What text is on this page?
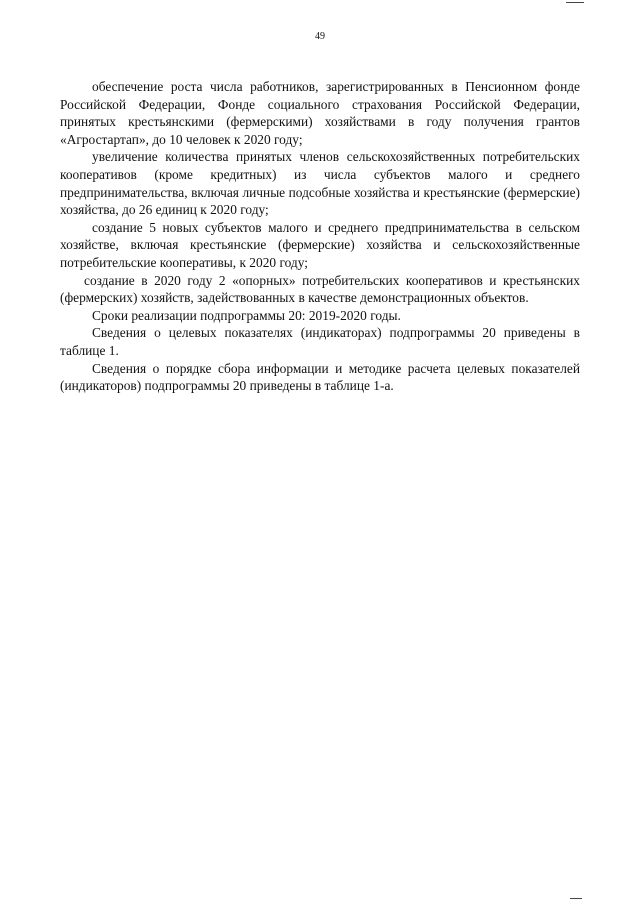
49

обеспечение роста числа работников, зарегистрированных в Пенсионном фонде Российской Федерации, Фонде социального страхования Российской Федерации, принятых крестьянскими (фермерскими) хозяйствами в году получения грантов «Агростартап», до 10 человек к 2020 году;

увеличение количества принятых членов сельскохозяйственных потребительских кооперативов (кроме кредитных) из числа субъектов малого и среднего предпринимательства, включая личные подсобные хозяйства и крестьянские (фермерские) хозяйства, до 26 единиц к 2020 году;

создание 5 новых субъектов малого и среднего предпринимательства в сельском хозяйстве, включая крестьянские (фермерские) хозяйства и сельскохозяйственные потребительские кооперативы, к 2020 году;

создание в 2020 году 2 «опорных» потребительских кооперативов и крестьянских (фермерских) хозяйств, задействованных в качестве демонстрационных объектов.

Сроки реализации подпрограммы 20: 2019-2020 годы.

Сведения о целевых показателях (индикаторах) подпрограммы 20 приведены в таблице 1.

Сведения о порядке сбора информации и методике расчета целевых показателей (индикаторов) подпрограммы 20 приведены в таблице 1-а.
